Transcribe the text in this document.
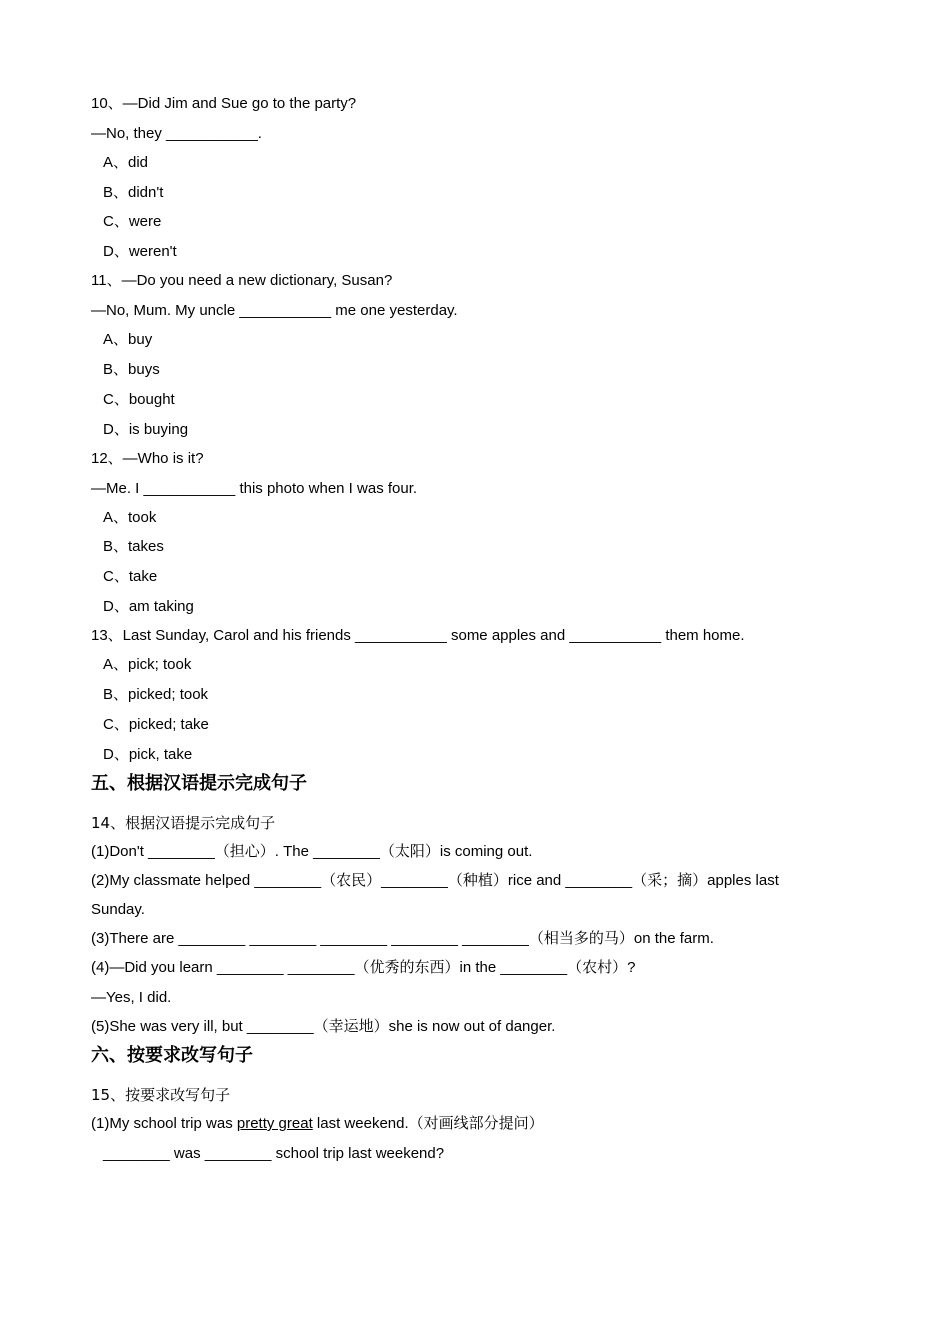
10、—Did Jim and Sue go to the party?
—No, they ___________.
A、did
B、didn't
C、were
D、weren't
11、—Do you need a new dictionary, Susan?
—No, Mum. My uncle ___________ me one yesterday.
A、buy
B、buys
C、bought
D、is buying
12、—Who is it?
—Me. I ___________ this photo when I was four.
A、took
B、takes
C、take
D、am taking
13、Last Sunday, Carol and his friends ___________ some apples and ___________ them home.
A、pick; took
B、picked; took
C、picked; take
D、pick, take
五、根据汉语提示完成句子
14、根据汉语提示完成句子
(1)Don't ________（担心）. The ________（太阳）is coming out.
(2)My classmate helped ________（农民）________（种植）rice and ________（采；摘）apples last
Sunday.
(3)There are ________ ________ ________ ________ ________（相当多的马）on the farm.
(4)—Did you learn ________ ________（优秀的东西）in the ________（农村）?
—Yes, I did.
(5)She was very ill, but ________（幸运地）she is now out of danger.
六、按要求改写句子
15、按要求改写句子
(1)My school trip was pretty great last weekend.（对画线部分提问）
________ was ________ school trip last weekend?
